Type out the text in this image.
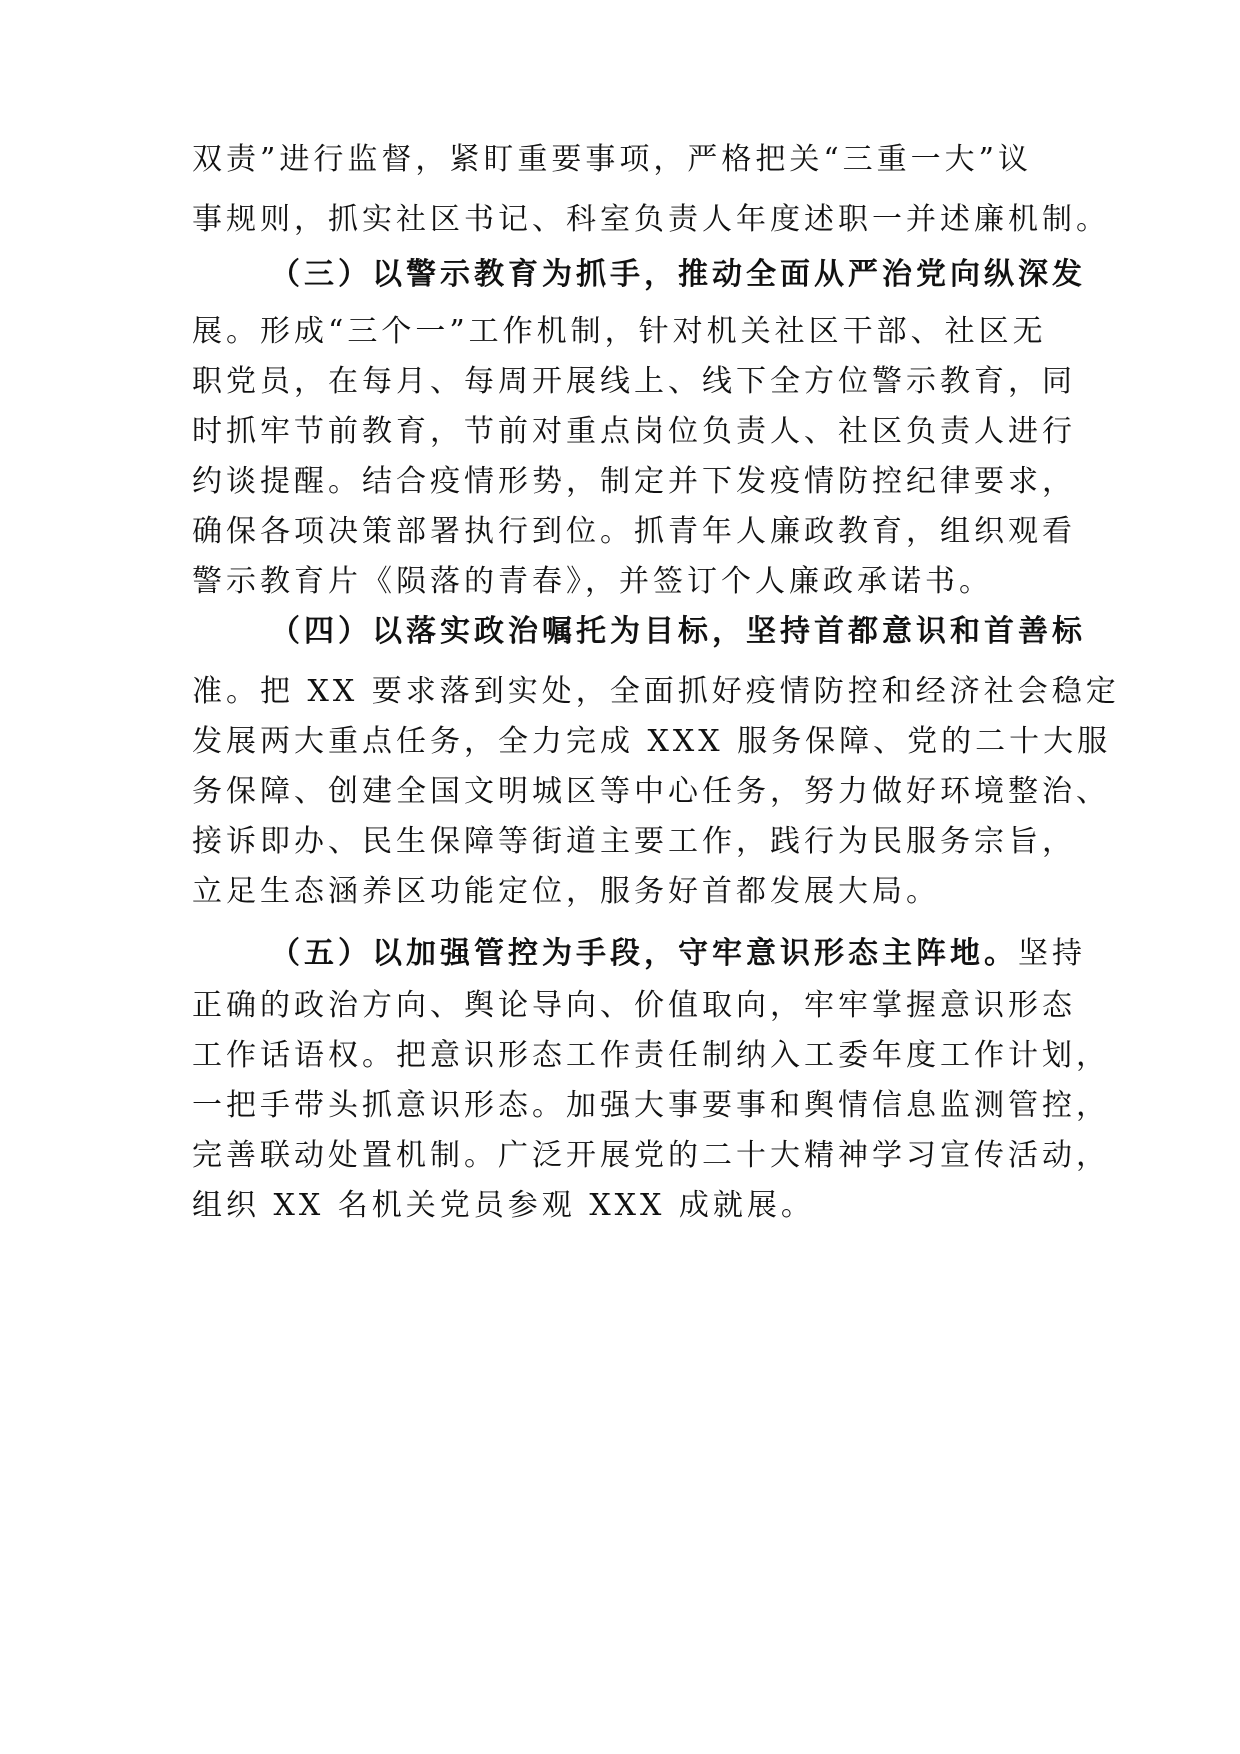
双责”进行监督，紧盯重要事项，严格把关“三重一大”议
事规则，抓实社区书记、科室负责人年度述职一并述廉机制。
（三）以警示教育为抓手，推动全面从严治党向纵深发
展。形成“三个一”工作机制，针对机关社区干部、社区无
职党员，在每月、每周开展线上、线下全方位警示教育，同
时抓牢节前教育，节前对重点岗位负责人、社区负责人进行
约谈提醒。结合疫情形势，制定并下发疫情防控纪律要求，
确保各项决策部署执行到位。抓青年人廉政教育，组织观看
警示教育片《陨落的青春》，并签订个人廉政承诺书。
（四）以落实政治嘱托为目标，坚持首都意识和首善标
准。把 XX 要求落到实处，全面抓好疫情防控和经济社会稳定
发展两大重点任务，全力完成 XXX 服务保障、党的二十大服
务保障、创建全国文明城区等中心任务，努力做好环境整治、
接诉即办、民生保障等街道主要工作，践行为民服务宗旨，
立足生态涵养区功能定位，服务好首都发展大局。
（五）以加强管控为手段，守牢意识形态主阵地。坚持
正确的政治方向、舆论导向、价值取向，牢牢掌握意识形态
工作话语权。把意识形态工作责任制纳入工委年度工作计划，
一把手带头抓意识形态。加强大事要事和舆情信息监测管控，
完善联动处置机制。广泛开展党的二十大精神学习宣传活动，
组织 XX 名机关党员参观 XXX 成就展。
